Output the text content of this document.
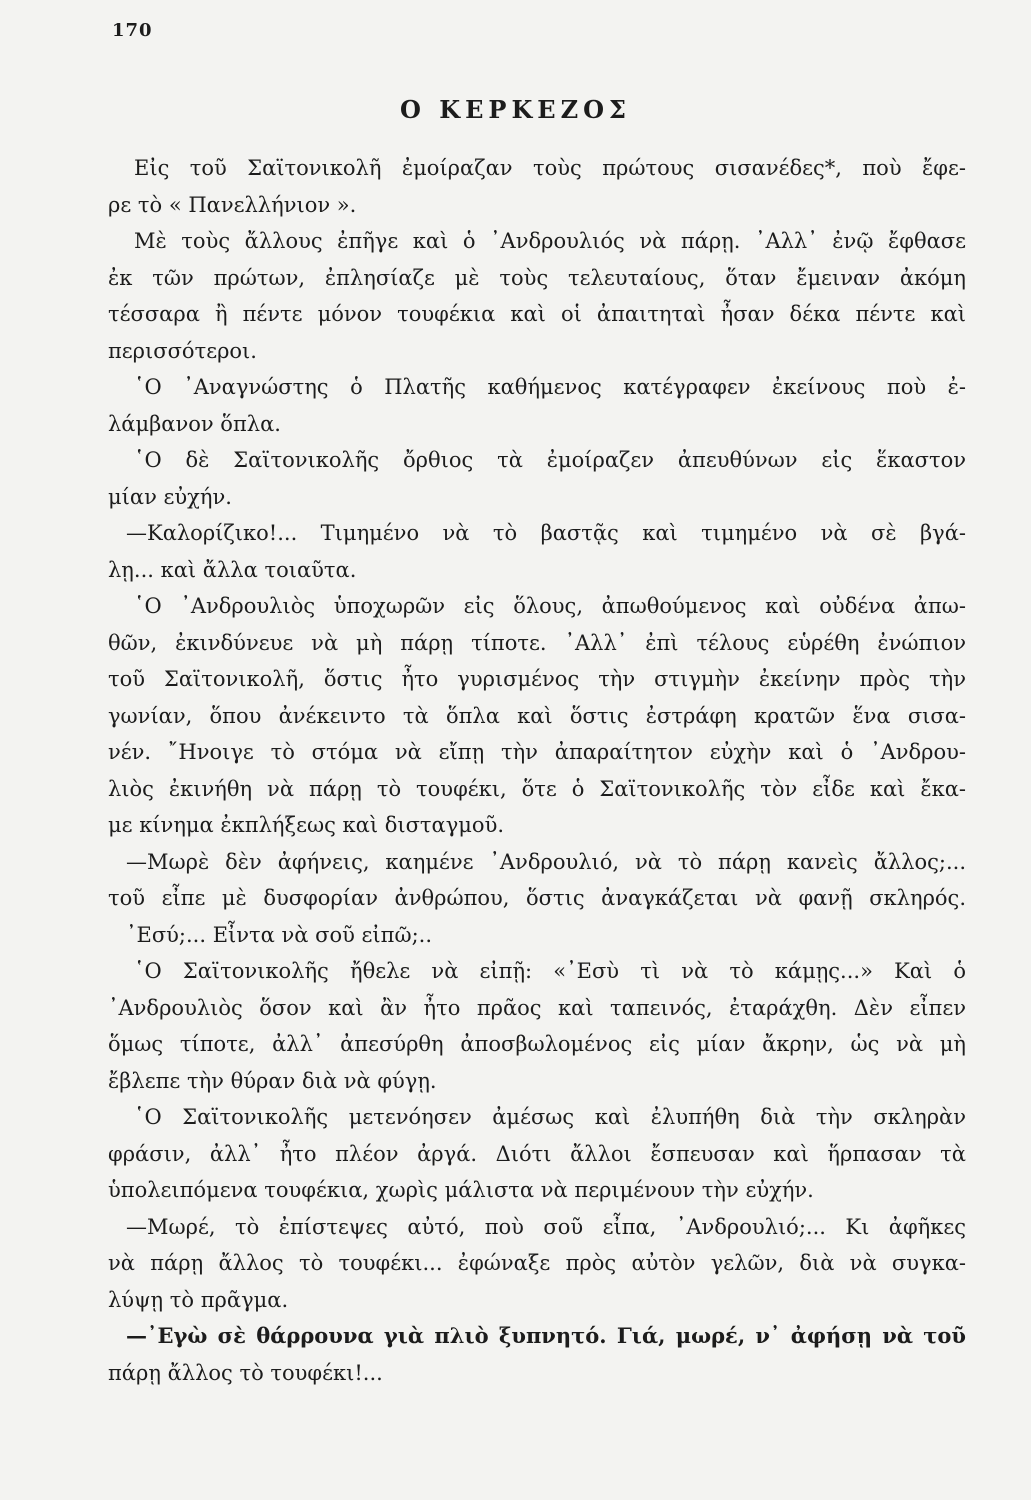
170
Ο ΚΕΡΚΕΖΟΣ
Εἰς τοῦ Σαϊτονικολῆ ἐμοίραζαν τοὺς πρώτους σισανέδες*, ποὺ ἔφε-
ρε τὸ « Πανελλήνιον ».
Μὲ τοὺς ἄλλους ἐπῆγε καὶ ὁ ᾿Ανδρουλιός νὰ πάρῃ. ᾿Αλλ᾿ ἐνῷ ἔφθασε
ἐκ τῶν πρώτων, ἐπλησίαζε μὲ τοὺς τελευταίους, ὅταν ἔμειναν ἀκόμη
τέσσαρα ἢ πέντε μόνον τουφέκια καὶ οἱ ἀπαιτηταὶ ἦσαν δέκα πέντε καὶ
περισσότεροι.
῾Ο ᾿Αναγνώστης ὁ Πλατῆς καθήμενος κατέγραφεν ἐκείνους ποὺ ἐ-
λάμβανον ὅπλα.
῾Ο δὲ Σαϊτονικολῆς ὄρθιος τὰ ἐμοίραζεν ἀπευθύνων εἰς ἕκαστον
μίαν εὐχήν.
—Καλορίζικο!... Τιμημένο νὰ τὸ βαστᾷς καὶ τιμημένο νὰ σὲ βγά-
λῃ... καὶ ἄλλα τοιαῦτα.
῾Ο ᾿Ανδρουλιὸς ὑποχωρῶν εἰς ὅλους, ἀπωθούμενος καὶ οὐδένα ἀπω-
θῶν, ἐκινδύνευε νὰ μὴ πάρῃ τίποτε. ᾿Αλλ᾿ ἐπὶ τέλους εὑρέθη ἐνώπιον
τοῦ Σαϊτονικολῆ, ὅστις ἦτο γυρισμένος τὴν στιγμὴν ἐκείνην πρὸς τὴν
γωνίαν, ὅπου ἀνέκειντο τὰ ὅπλα καὶ ὅστις ἐστράφη κρατῶν ἕνα σισα-
νέν. ῎Ηνοιγε τὸ στόμα νὰ εἴπῃ τὴν ἀπαραίτητον εὐχὴν καὶ ὁ ᾿Ανδρου-
λιὸς ἐκινήθη νὰ πάρῃ τὸ τουφέκι, ὅτε ὁ Σαϊτονικολῆς τὸν εἶδε καὶ ἔκα-
με κίνημα ἐκπλήξεως καὶ δισταγμοῦ.
—Μωρὲ δὲν ἀφήνεις, καημένε ᾿Ανδρουλιό, νὰ τὸ πάρῃ κανεὶς ἄλλος;...
τοῦ εἶπε μὲ δυσφορίαν ἀνθρώπου, ὅστις ἀναγκάζεται νὰ φανῇ σκληρός.
᾿Εσύ;... Εἶντα νὰ σοῦ εἰπῶ;..
῾Ο Σαϊτονικολῆς ἤθελε νὰ εἰπῇ: «᾿Εσὺ τὶ νὰ τὸ κάμῃς...» Καὶ ὁ
᾿Ανδρουλιὸς ὅσον καὶ ἂν ἦτο πρᾶος καὶ ταπεινός, ἐταράχθη. Δὲν εἶπεν
ὅμως τίποτε, ἀλλ᾿ ἀπεσύρθη ἀποσβωλομένος εἰς μίαν ἄκρην, ὡς νὰ μὴ
ἔβλεπε τὴν θύραν διὰ νὰ φύγῃ.
῾Ο Σαϊτονικολῆς μετενόησεν ἀμέσως καὶ ἐλυπήθη διὰ τὴν σκληρὰν
φράσιν, ἀλλ᾿ ἦτο πλέον ἀργά. Διότι ἄλλοι ἔσπευσαν καὶ ἥρπασαν τὰ
ὑπολειπόμενα τουφέκια, χωρὶς μάλιστα νὰ περιμένουν τὴν εὐχήν.
—Μωρέ, τὸ ἐπίστεψες αὐτό, ποὺ σοῦ εἶπα, ᾿Ανδρουλιό;... Κι ἀφῆκες
νὰ πάρῃ ἄλλος τὸ τουφέκι... ἐφώναξε πρὸς αὐτὸν γελῶν, διὰ νὰ συγκα-
λύψῃ τὸ πρᾶγμα.
—᾿Εγὼ σὲ θάρρουνα γιὰ πλιὸ ξυπνητό. Γιά, μωρέ, ν᾿ ἀφήσῃ νὰ τοῦ
πάρῃ ἄλλος τὸ τουφέκι!...
